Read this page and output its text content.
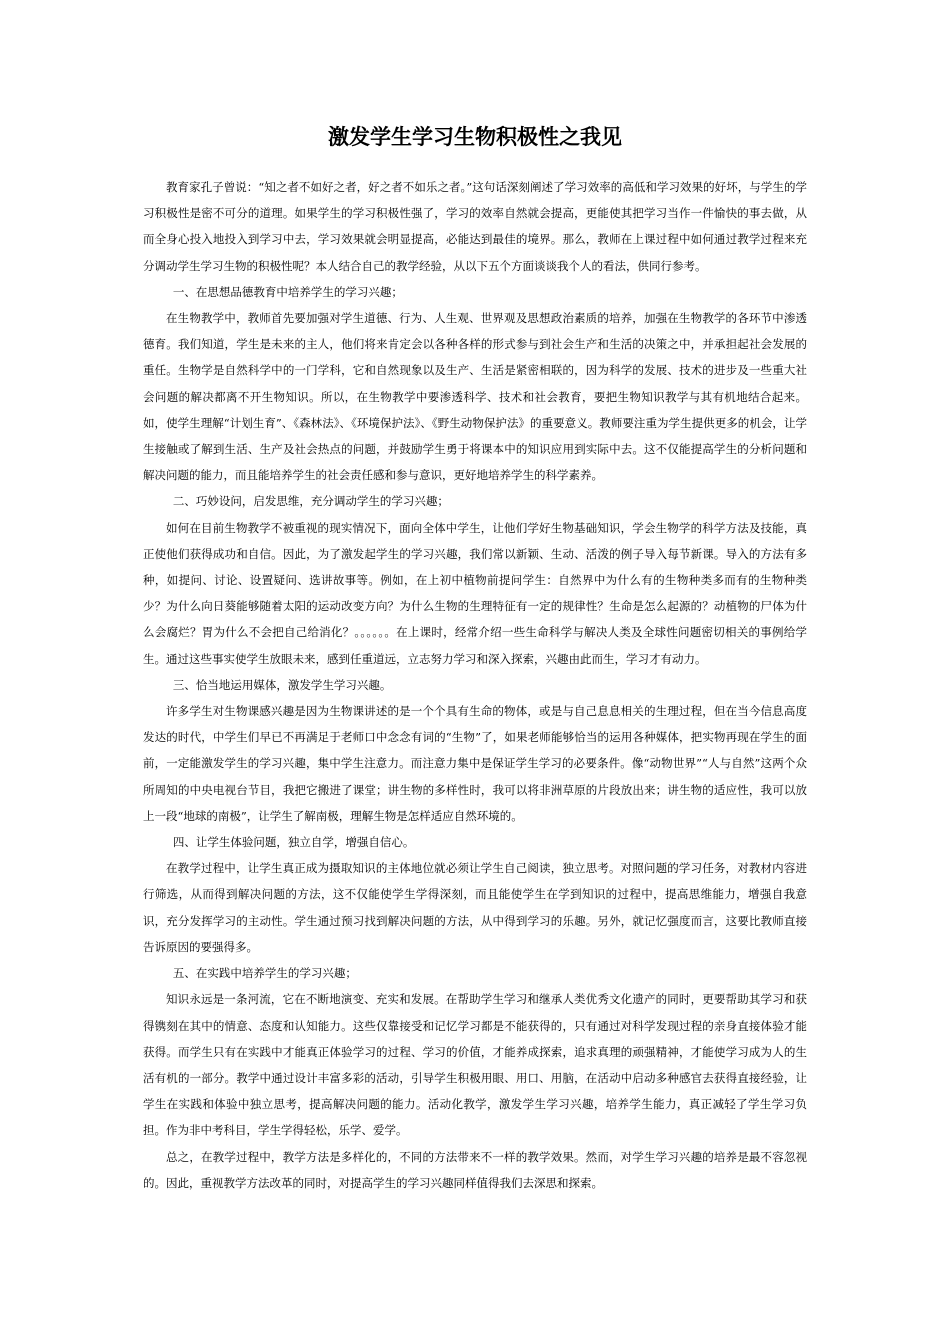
激发学生学习生物积极性之我见

教育家孔子曾说：“知之者不如好之者，好之者不如乐之者。”这句话深刻阐述了学习效率的高低和学习效果的好坏，与学生的学习积极性是密不可分的道理。如果学生的学习积极性强了，学习的效率自然就会提高，更能使其把学习当作一件愉快的事去做，从而全身心投入地投入到学习中去，学习效果就会明显提高，必能达到最佳的境界。那么，教师在上课过程中如何通过教学过程来充分调动学生学习生物的积极性呢？本人结合自己的教学经验，从以下五个方面谈谈我个人的看法，供同行参考。

一、在思想品德教育中培养学生的学习兴趣；

在生物教学中，教师首先要加强对学生道德、行为、人生观、世界观及思想政治素质的培养，加强在生物教学的各环节中渗透德育。我们知道，学生是未来的主人，他们将来肯定会以各种各样的形式参与到社会生产和生活的决策之中，并承担起社会发展的重任。生物学是自然科学中的一门学科，它和自然现象以及生产、生活是紧密相联的，因为科学的发展、技术的进步及一些重大社会问题的解决都离不开生物知识。所以，在生物教学中要渗透科学、技术和社会教育，要把生物知识教学与其有机地结合起来。如，使学生理解“计划生育”、《森林法》、《环境保护法》、《野生动物保护法》的重要意义。教师要注重为学生提供更多的机会，让学生接触或了解到生活、生产及社会热点的问题，并鼓励学生勇于将课本中的知识应用到实际中去。这不仅能提高学生的分析问题和解决问题的能力，而且能培养学生的社会责任感和参与意识，更好地培养学生的科学素养。

二、巧妙设问，启发思维，充分调动学生的学习兴趣；

如何在目前生物教学不被重视的现实情况下，面向全体中学生，让他们学好生物基础知识，学会生物学的科学方法及技能，真正使他们获得成功和自信。因此，为了激发起学生的学习兴趣，我们常以新颖、生动、活泼的例子导入每节新课。导入的方法有多种，如提问、讨论、设置疑问、选讲故事等。例如，在上初中植物前提问学生：自然界中为什么有的生物种类多而有的生物种类少？为什么向日葵能够随着太阳的运动改变方向？为什么生物的生理特征有一定的规律性？生命是怎么起源的？动植物的尸体为什么会腐烂？胃为什么不会把自己给消化？。。。。。。在上课时，经常介绍一些生命科学与解决人类及全球性问题密切相关的事例给学生。通过这些事实使学生放眼未来，感到任重道远，立志努力学习和深入探索，兴趣由此而生，学习才有动力。

三、恰当地运用媒体，激发学生学习兴趣。

许多学生对生物课感兴趣是因为生物课讲述的是一个个具有生命的物体，或是与自己息息相关的生理过程，但在当今信息高度发达的时代，中学生们早已不再满足于老师口中念念有词的“生物”了，如果老师能够恰当的运用各种媒体，把实物再现在学生的面前，一定能激发学生的学习兴趣，集中学生注意力。而注意力集中是保证学生学习的必要条件。像“动物世界”“人与自然”这两个众所周知的中央电视台节目，我把它搬进了课堂；讲生物的多样性时，我可以将非洲草原的片段放出来；讲生物的适应性，我可以放上一段“地球的南极”，让学生了解南极，理解生物是怎样适应自然环境的。

四、让学生体验问题，独立自学，增强自信心。

在教学过程中，让学生真正成为摄取知识的主体地位就必须让学生自己阅读，独立思考。对照问题的学习任务，对教材内容进行筛选，从而得到解决问题的方法，这不仅能使学生学得深刻，而且能使学生在学到知识的过程中，提高思维能力，增强自我意识，充分发挥学习的主动性。学生通过预习找到解决问题的方法，从中得到学习的乐趣。另外，就记忆强度而言，这要比教师直接告诉原因的要强得多。

五、在实践中培养学生的学习兴趣；

知识永远是一条河流，它在不断地演变、充实和发展。在帮助学生学习和继承人类优秀文化遗产的同时，更要帮助其学习和获得镌刻在其中的情意、态度和认知能力。这些仅靠接受和记忆学习都是不能获得的，只有通过对科学发现过程的亲身直接体验才能获得。而学生只有在实践中才能真正体验学习的过程、学习的价值，才能养成探索，追求真理的顽强精神，才能使学习成为人的生活有机的一部分。教学中通过设计丰富多彩的活动，引导学生积极用眼、用口、用脑，在活动中启动多种感官去获得直接经验，让学生在实践和体验中独立思考，提高解决问题的能力。活动化教学，激发学生学习兴趣，培养学生能力，真正减轻了学生学习负担。作为非中考科目，学生学得轻松，乐学、爱学。

总之，在教学过程中，教学方法是多样化的，不同的方法带来不一样的教学效果。然而，对学生学习兴趣的培养是最不容忽视的。因此，重视教学方法改革的同时，对提高学生的学习兴趣同样值得我们去深思和探索。
